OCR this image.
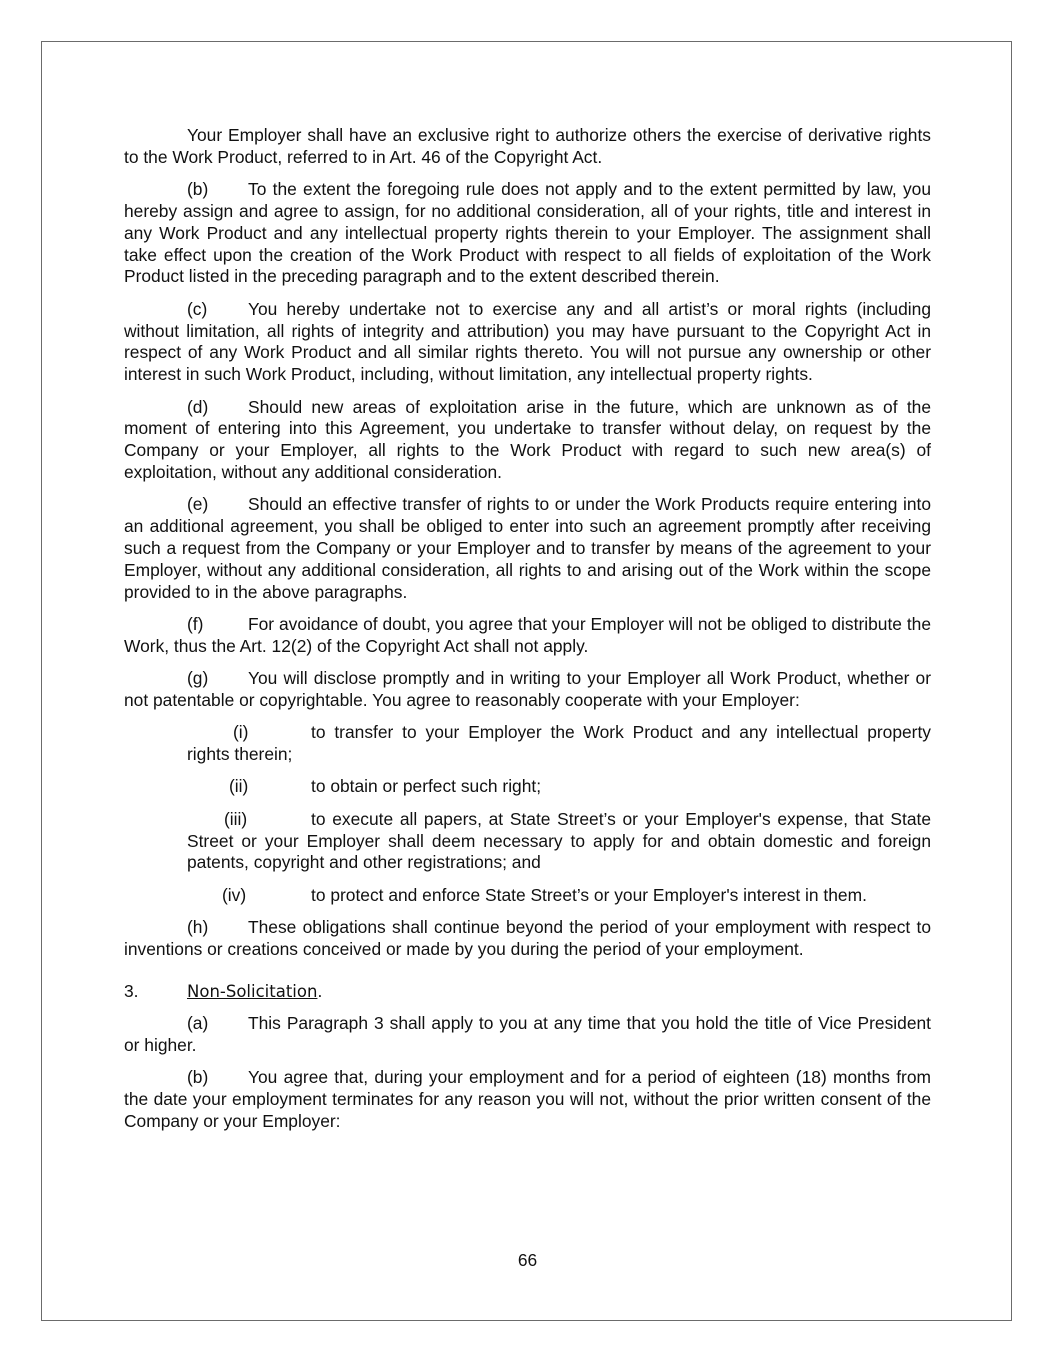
Your Employer shall have an exclusive right to authorize others the exercise of derivative rights to the Work Product, referred to in Art. 46 of the Copyright Act.

(b) To the extent the foregoing rule does not apply and to the extent permitted by law, you hereby assign and agree to assign, for no additional consideration, all of your rights, title and interest in any Work Product and any intellectual property rights therein to your Employer. The assignment shall take effect upon the creation of the Work Product with respect to all fields of exploitation of the Work Product listed in the preceding paragraph and to the extent described therein.

(c) You hereby undertake not to exercise any and all artist’s or moral rights (including without limitation, all rights of integrity and attribution) you may have pursuant to the Copyright Act in respect of any Work Product and all similar rights thereto. You will not pursue any ownership or other interest in such Work Product, including, without limitation, any intellectual property rights.

(d) Should new areas of exploitation arise in the future, which are unknown as of the moment of entering into this Agreement, you undertake to transfer without delay, on request by the Company or your Employer, all rights to the Work Product with regard to such new area(s) of exploitation, without any additional consideration.

(e) Should an effective transfer of rights to or under the Work Products require entering into an additional agreement, you shall be obliged to enter into such an agreement promptly after receiving such a request from the Company or your Employer and to transfer by means of the agreement to your Employer, without any additional consideration, all rights to and arising out of the Work within the scope provided to in the above paragraphs.

(f)	For avoidance of doubt, you agree that your Employer will not be obliged to distribute the Work, thus the Art. 12(2) of the Copyright Act shall not apply.

(g) You will disclose promptly and in writing to your Employer all Work Product, whether or not patentable or copyrightable. You agree to reasonably cooperate with your Employer:

(i)	to transfer to your Employer the Work Product and any intellectual property rights therein;

(ii)	to obtain or perfect such right;

(iii)	to execute all papers, at State Street’s or your Employer's expense, that State Street or your Employer shall deem necessary to apply for and obtain domestic and foreign patents, copyright and other registrations; and

(iv)	to protect and enforce State Street’s or your Employer's interest in them.

(h) These obligations shall continue beyond the period of your employment with respect to inventions or creations conceived or made by you during the period of your employment.

3.	Non-Solicitation.

(a) This Paragraph 3 shall apply to you at any time that you hold the title of Vice President or higher.

(b) You agree that, during your employment and for a period of eighteen (18) months from the date your employment terminates for any reason you will not, without the prior written consent of the Company or your Employer:

66
